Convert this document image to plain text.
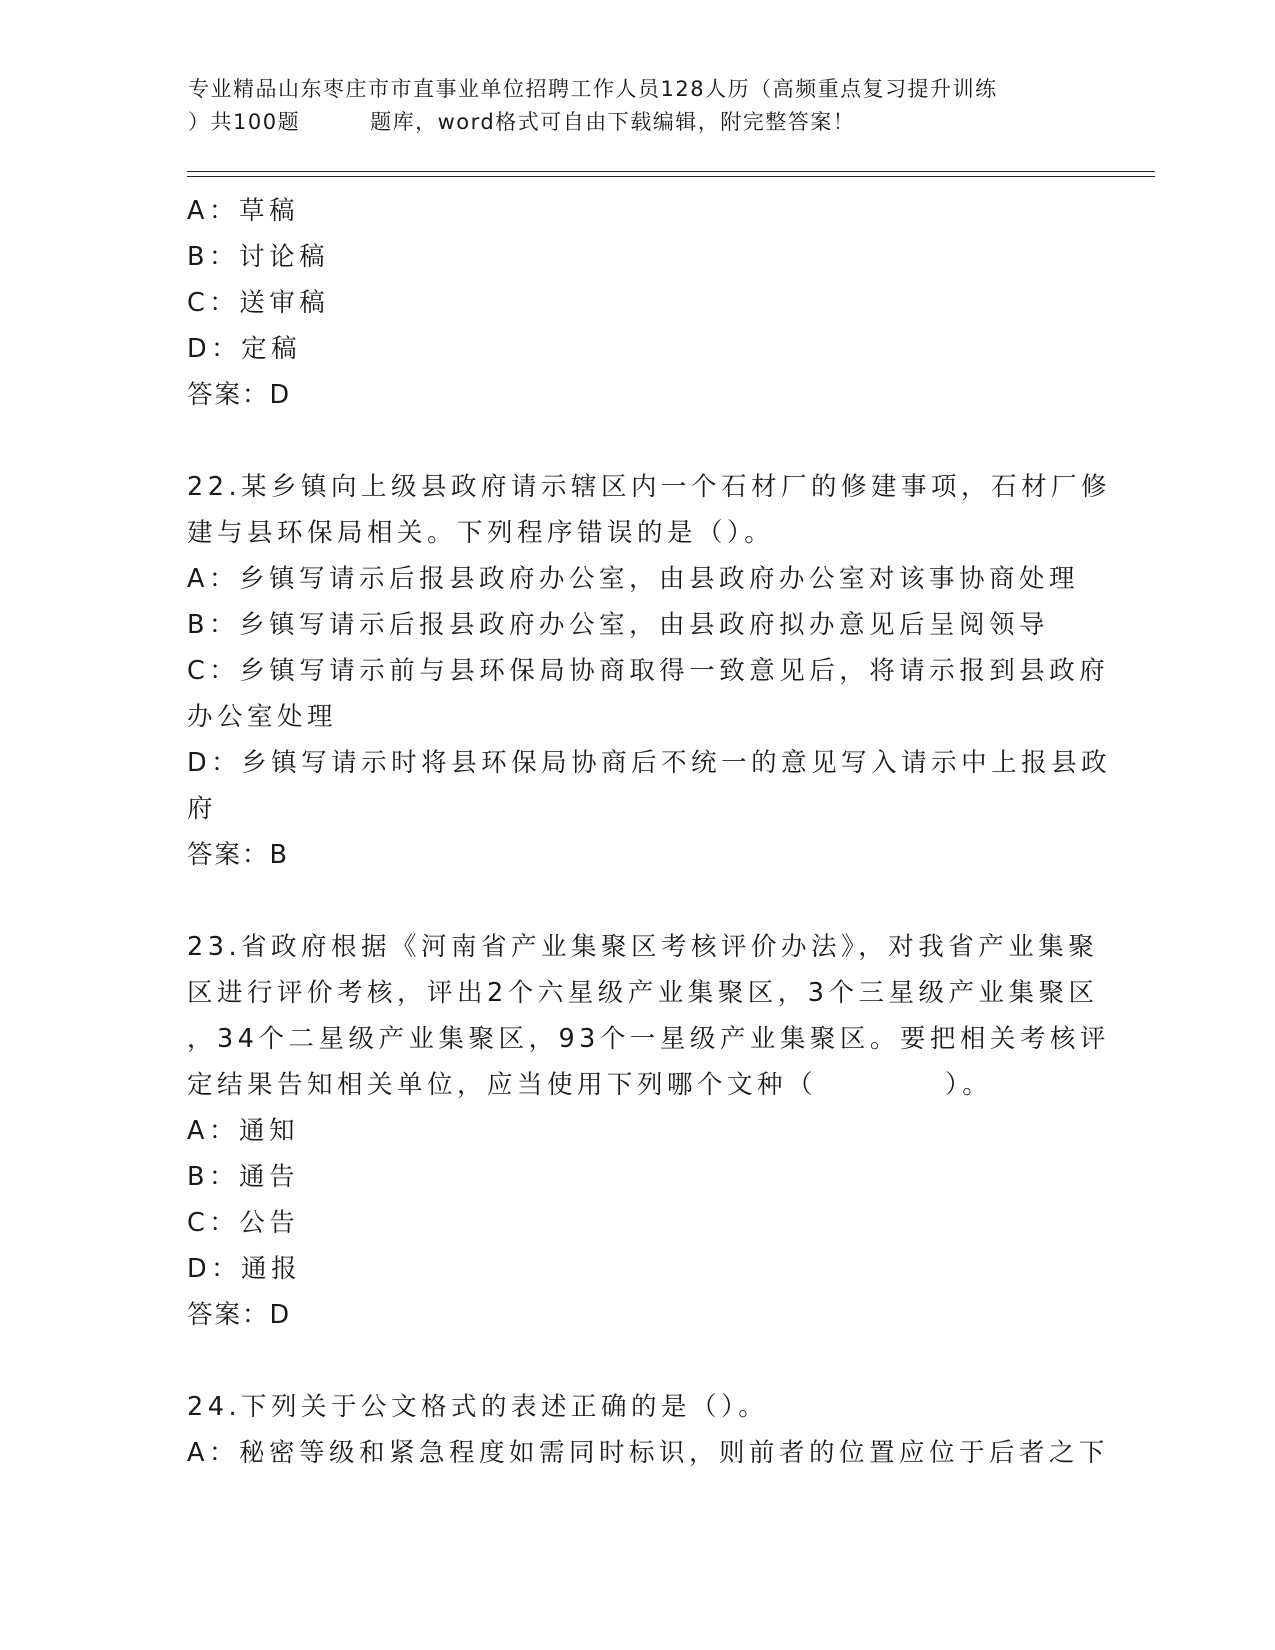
专业精品山东枣庄市市直事业单位招聘工作人员128人历（高频重点复习提升训练
）共100题	题库，word格式可自由下载编辑，附完整答案！
A：草稿
B：讨论稿
C：送审稿
D：定稿
答案：D
22.某乡镇向上级县政府请示辖区内一个石材厂的修建事项，石材厂修
建与县环保局相关。下列程序错误的是（）。
A：乡镇写请示后报县政府办公室，由县政府办公室对该事协商处理
B：乡镇写请示后报县政府办公室，由县政府拟办意见后呈阅领导
C：乡镇写请示前与县环保局协商取得一致意见后，将请示报到县政府
办公室处理
D：乡镇写请示时将县环保局协商后不统一的意见写入请示中上报县政
府
答案：B
23.省政府根据《河南省产业集聚区考核评价办法》，对我省产业集聚
区进行评价考核，评出2个六星级产业集聚区，3个三星级产业集聚区
，34个二星级产业集聚区，93个一星级产业集聚区。要把相关考核评
定结果告知相关单位，应当使用下列哪个文种（	）。
A：通知
B：通告
C：公告
D：通报
答案：D
24.下列关于公文格式的表述正确的是（）。
A：秘密等级和紧急程度如需同时标识，则前者的位置应位于后者之下
